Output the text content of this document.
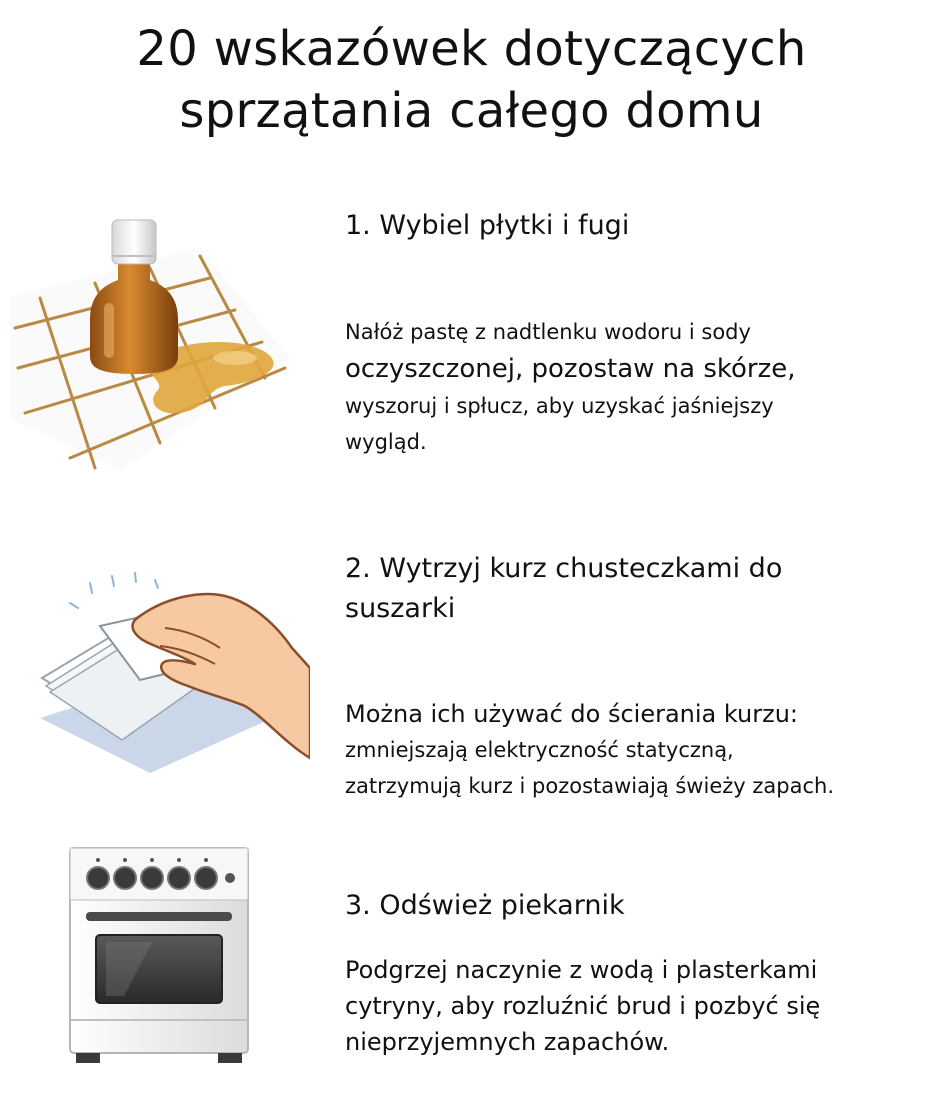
20 wskazówek dotyczących
sprzątania całego domu
1. Wybiel płytki i fugi
Nałóż pastę z nadtlenku wodoru i sody
oczyszczonej, pozostaw na skórze,
wyszoruj i spłucz, aby uzyskać jaśniejszy
wygląd.
2. Wytrzyj kurz chusteczkami do
suszarki
Można ich używać do ścierania kurzu:
zmniejszają elektryczność statyczną,
zatrzymują kurz i pozostawiają świeży zapach.
3. Odśwież piekarnik
Podgrzej naczynie z wodą i plasterkami
cytryny, aby rozluźnić brud i pozbyć się
nieprzyjemnych zapachów.
